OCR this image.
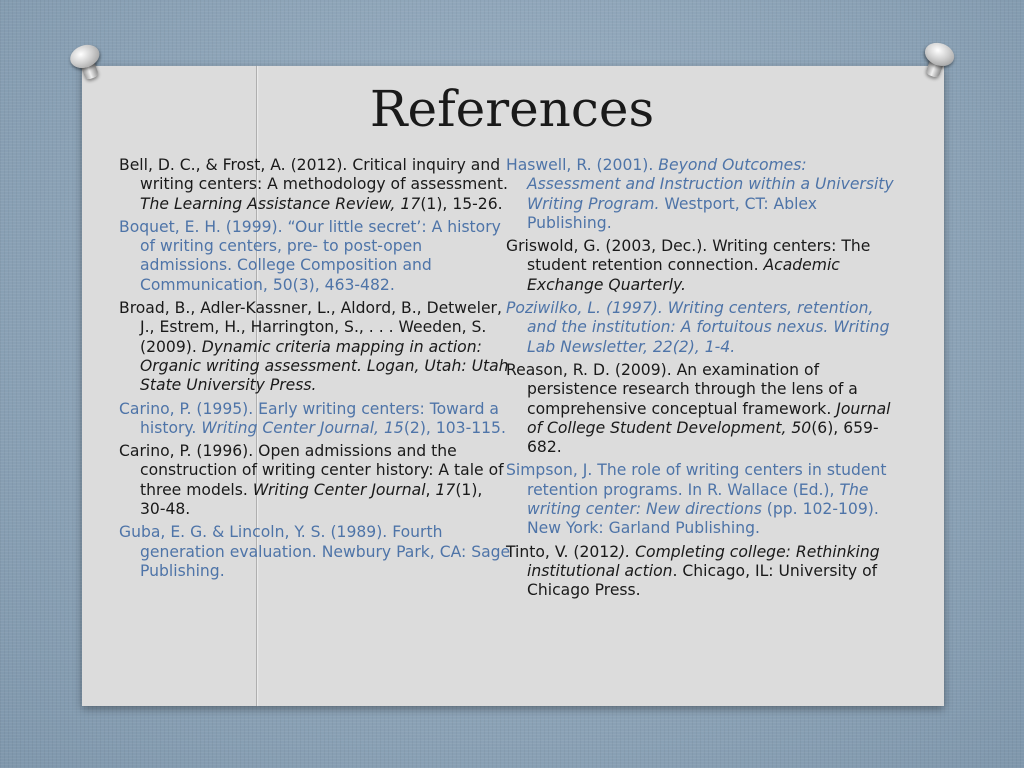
References
Bell, D. C., & Frost, A. (2012). Critical inquiry and writing centers: A methodology of assessment. The Learning Assistance Review, 17(1), 15-26.
Boquet, E. H. (1999). “Our little secret’: A history of writing centers, pre- to post-open admissions. College Composition and Communication, 50(3), 463-482.
Broad, B., Adler-Kassner, L., Aldord, B., Detweler, J., Estrem, H., Harrington, S., . . . Weeden, S. (2009). Dynamic criteria mapping in action: Organic writing assessment. Logan, Utah: Utah State University Press.
Carino, P. (1995). Early writing centers: Toward a history. Writing Center Journal, 15(2), 103-115.
Carino, P. (1996). Open admissions and the construction of writing center history: A tale of three models. Writing Center Journal, 17(1), 30-48.
Guba, E. G. & Lincoln, Y. S. (1989). Fourth generation evaluation. Newbury Park, CA: Sage Publishing.
Haswell, R. (2001). Beyond Outcomes: Assessment and Instruction within a University Writing Program. Westport, CT: Ablex Publishing.
Griswold, G. (2003, Dec.). Writing centers: The student retention connection. Academic Exchange Quarterly.
Poziwilko, L. (1997). Writing centers, retention, and the institution: A fortuitous nexus. Writing Lab Newsletter, 22(2), 1-4.
Reason, R. D. (2009). An examination of persistence research through the lens of a comprehensive conceptual framework. Journal of College Student Development, 50(6), 659-682.
Simpson, J. The role of writing centers in student retention programs. In R. Wallace (Ed.), The writing center: New directions (pp. 102-109). New York: Garland Publishing.
Tinto, V. (2012). Completing college: Rethinking institutional action. Chicago, IL: University of Chicago Press.
